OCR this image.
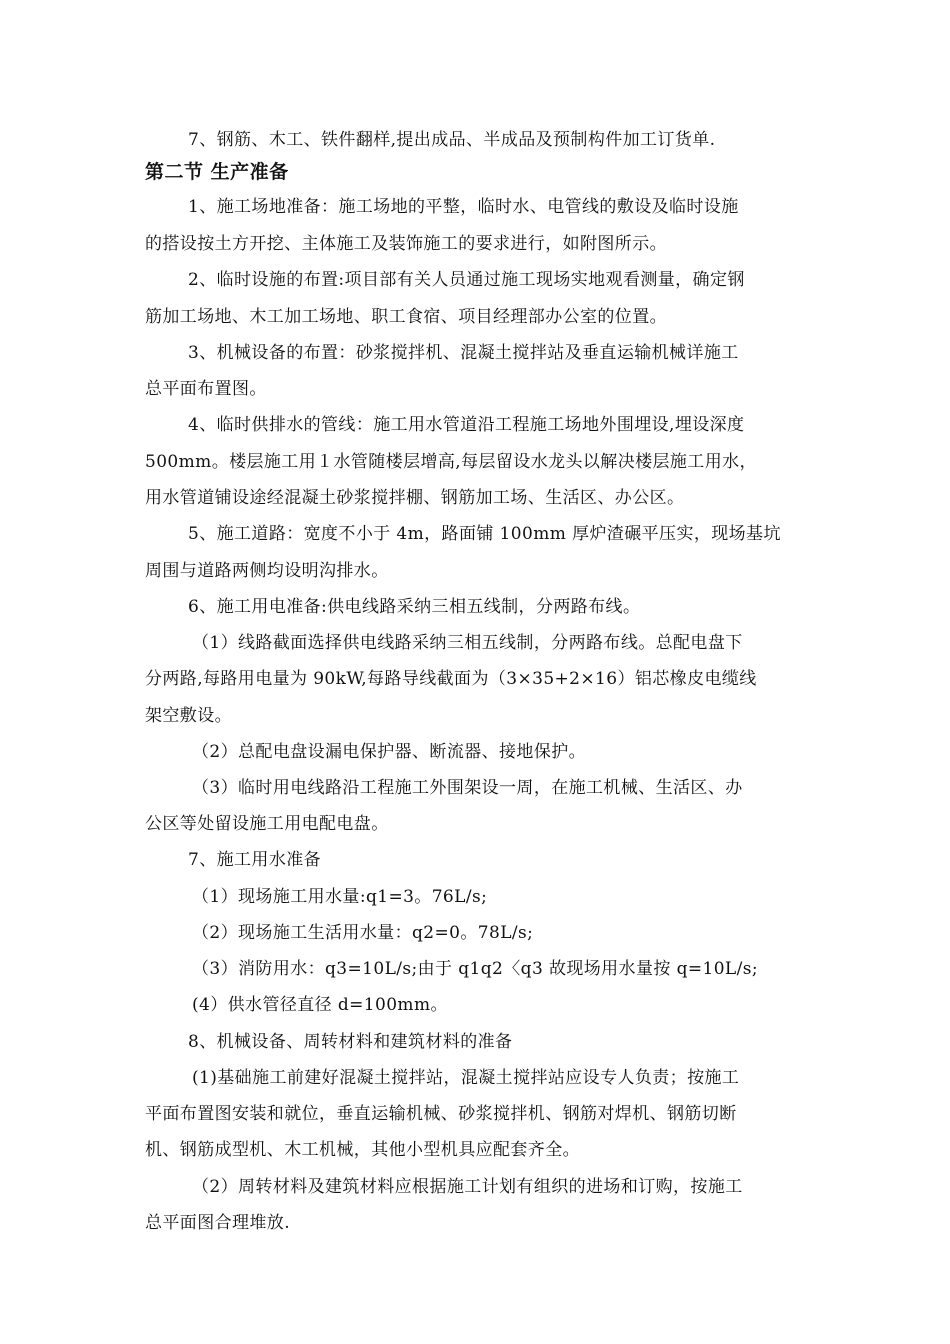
7、钢筋、木工、铁件翻样,提出成品、半成品及预制构件加工订货单.
第二节 生产准备
1、施工场地准备：施工场地的平整，临时水、电管线的敷设及临时设施
的搭设按土方开挖、主体施工及装饰施工的要求进行，如附图所示。
2、临时设施的布置:项目部有关人员通过施工现场实地观看测量，确定钢
筋加工场地、木工加工场地、职工食宿、项目经理部办公室的位置。
3、机械设备的布置：砂浆搅拌机、混凝土搅拌站及垂直运输机械详施工
总平面布置图。
4、临时供排水的管线：施工用水管道沿工程施工场地外围埋设,埋设深度
500mm。楼层施工用１水管随楼层增高,每层留设水龙头以解决楼层施工用水，
用水管道铺设途经混凝土砂浆搅拌棚、钢筋加工场、生活区、办公区。
5、施工道路：宽度不小于 4m，路面铺 100mm 厚炉渣碾平压实，现场基坑
周围与道路两侧均设明沟排水。
6、施工用电准备:供电线路采纳三相五线制，分两路布线。
（1）线路截面选择供电线路采纳三相五线制，分两路布线。总配电盘下
分两路,每路用电量为 90kW,每路导线截面为（3×35+2×16）铝芯橡皮电缆线
架空敷设。
（2）总配电盘设漏电保护器、断流器、接地保护。
（3）临时用电线路沿工程施工外围架设一周，在施工机械、生活区、办
公区等处留设施工用电配电盘。
7、施工用水准备
（1）现场施工用水量:q1=3。76L/s;
（2）现场施工生活用水量：q2=0。78L/s;
（3）消防用水：q3=10L/s;由于 q1q2〈q3 故现场用水量按 q=10L/s;
(4）供水管径直径 d=100mm。
8、机械设备、周转材料和建筑材料的准备
(1)基础施工前建好混凝土搅拌站，混凝土搅拌站应设专人负责；按施工
平面布置图安装和就位，垂直运输机械、砂浆搅拌机、钢筋对焊机、钢筋切断
机、钢筋成型机、木工机械，其他小型机具应配套齐全。
（2）周转材料及建筑材料应根据施工计划有组织的进场和订购，按施工
总平面图合理堆放.
